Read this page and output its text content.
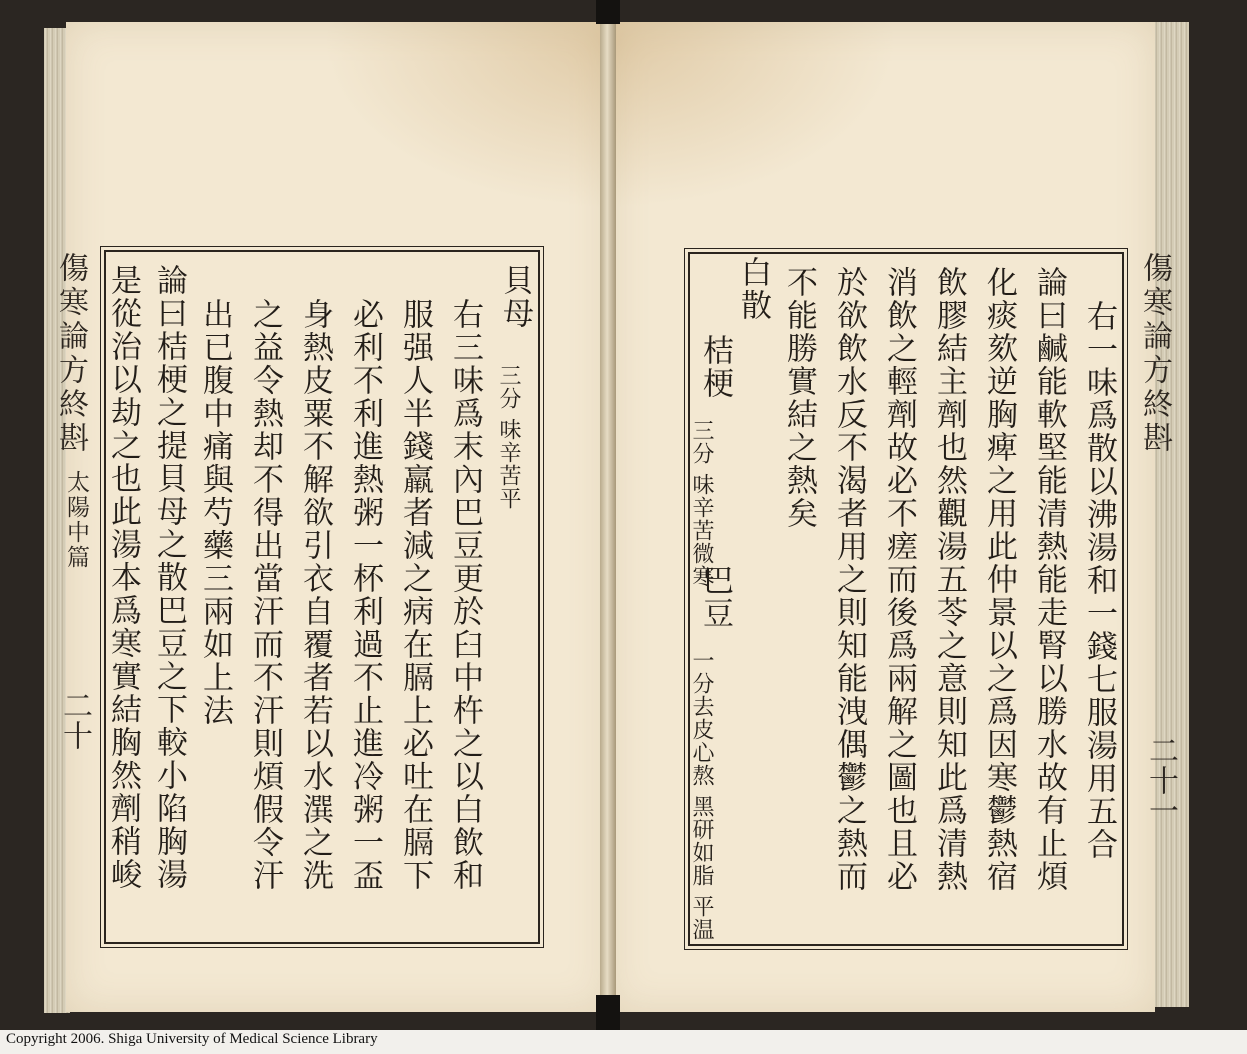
傷寒論方終斟
太陽中篇
二十
貝母
三分 味辛苦平
右三味爲末內巴豆更於臼中杵之以白飲和
服强人半錢羸者減之病在膈上必吐在膈下
必利不利進熱粥一杯利過不止進冷粥一盃
身熱皮粟不解欲引衣自覆者若以水潠之洗
之益令熱却不得出當汗而不汗則煩假令汗
出已腹中痛與芍藥三兩如上法
論曰桔梗之提貝母之散巴豆之下較小陷胸湯
是從治以劫之也此湯本爲寒實結胸然劑稍峻	傷寒論方終斟
二十一
右一味爲散以沸湯和一錢七服湯用五合
論曰鹹能軟堅能清熱能走腎以勝水故有止煩
化痰欬逆胸痺之用此仲景以之爲因寒鬱熱宿
飲膠結主劑也然觀湯五苓之意則知此爲清熱
消飲之輕劑故必不瘥而後爲兩解之圖也且必
於欲飲水反不渴者用之則知能洩偶鬱之熱而
不能勝實結之熱矣
白散
桔梗
三分 味辛苦微寒
巴豆
一分去皮心熬 黑研如脂 平温
Copyright 2006. Shiga University of Medical Science Library
